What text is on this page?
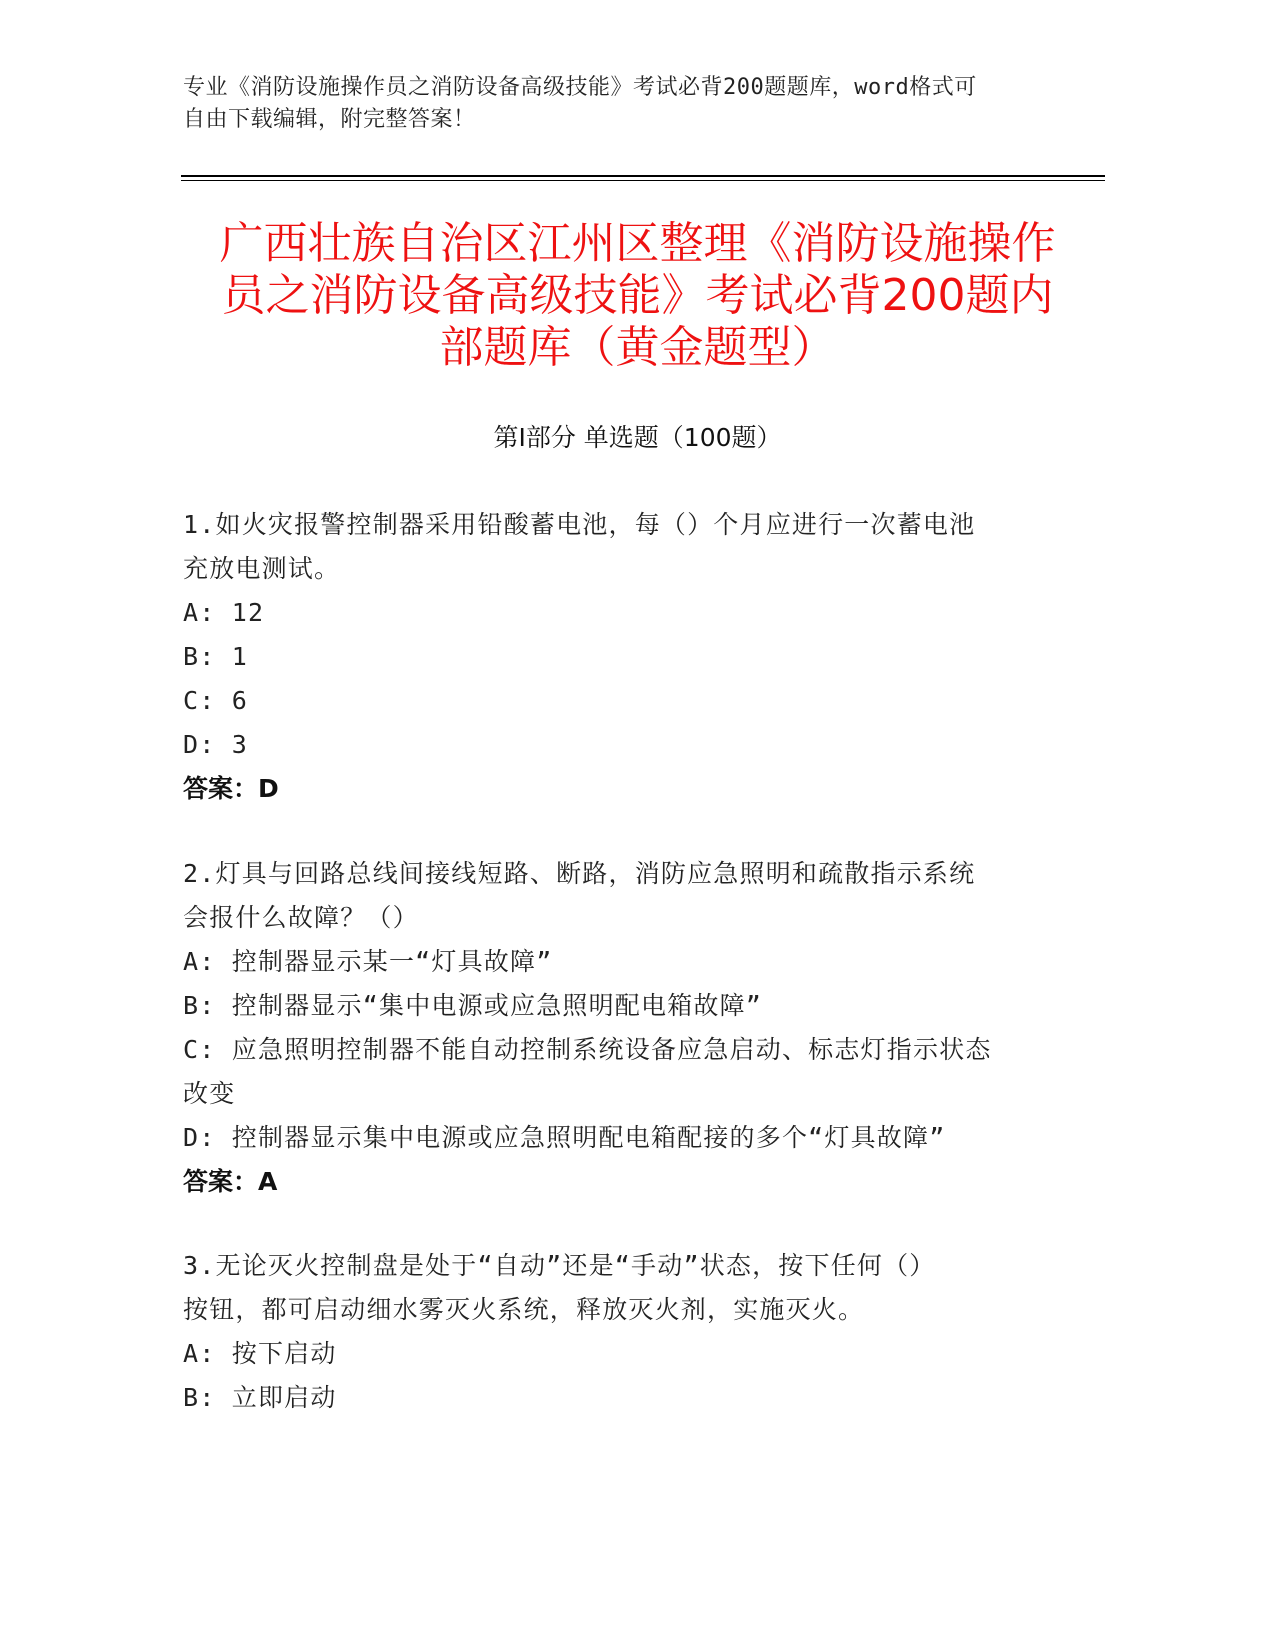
专业《消防设施操作员之消防设备高级技能》考试必背200题题库，word格式可
自由下载编辑，附完整答案！
广西壮族自治区江州区整理《消防设施操作
员之消防设备高级技能》考试必背200题内
部题库（黄金题型）
第Ⅰ部分 单选题（100题）
1.如火灾报警控制器采用铅酸蓄电池，每（）个月应进行一次蓄电池
充放电测试。
A: 12
B: 1
C: 6
D: 3
答案：D
2.灯具与回路总线间接线短路、断路，消防应急照明和疏散指示系统
会报什么故障？（）
A: 控制器显示某一“灯具故障”
B: 控制器显示“集中电源或应急照明配电箱故障”
C: 应急照明控制器不能自动控制系统设备应急启动、标志灯指示状态
改变
D: 控制器显示集中电源或应急照明配电箱配接的多个“灯具故障”
答案：A
3.无论灭火控制盘是处于“自动”还是“手动”状态，按下任何（）
按钮，都可启动细水雾灭火系统，释放灭火剂，实施灭火。
A: 按下启动
B: 立即启动
